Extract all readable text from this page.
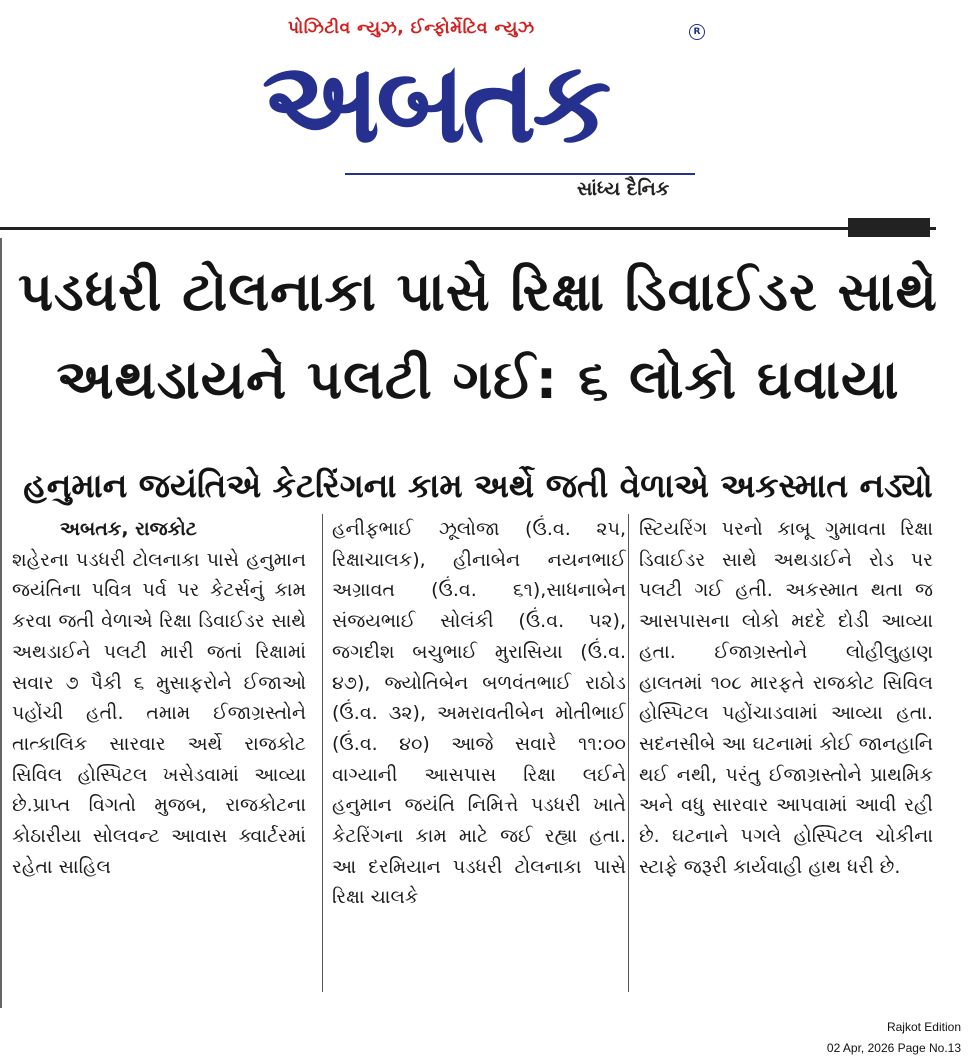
પોઝિટીવ ન્યુઝ, ઈન્ફોર્મેટિવ ન્યુઝ
અબતક
R
સાંધ્ય દૈનિક
પડધરી ટોલનાકા પાસે રિક્ષા ડિવાઈડર સાથે
અથડાયને પલટી ગઈ: ૬ લોકો ઘવાયા
હનુમાન જયંતિએ કેટરિંગના કામ અર્થે જતી વેળાએ અકસ્માત નડ્યો
અબતક, રાજકોટ
શહેરના પડધરી ટોલનાકા પાસે હનુમાન જયંતિના પવિત્ર પર્વ પર કેટર્સનું કામ કરવા જતી વેળાએ રિક્ષા ડિવાઈડર સાથે અથડાઈને પલટી મારી જતાં રિક્ષામાં સવાર ૭ પૈકી ૬ મુસાફરોને ઈજાઓ પહોંચી હતી. તમામ ઈજાગ્રસ્તોને તાત્કાલિક સારવાર અર્થે રાજકોટ સિવિલ હોસ્પિટલ ખસેડવામાં આવ્યા છે.પ્રાપ્ત વિગતો મુજબ, રાજકોટના કોઠારીયા સોલવન્ટ આવાસ ક્વાર્ટરમાં રહેતા સાહિલ
હનીફભાઈ ઝૂલોજા (ઉં.વ. ૨૫, રિક્ષાચાલક), હીનાબેન નયનભાઈ અગ્રાવત (ઉં.વ. ૬૧),સાધનાબેન સંજયભાઈ સોલંકી (ઉં.વ. ૫૨), જગદીશ બચુભાઈ મુરાસિયા (ઉં.વ. ૪૭), જ્યોતિબેન બળવંતભાઈ રાઠોડ (ઉં.વ. ૩૨), અમરાવતીબેન મોતીભાઈ (ઉં.વ. ૪૦) આજે સવારે ૧૧:૦૦ વાગ્યાની આસપાસ રિક્ષા લઈને હનુમાન જયંતિ નિમિત્તે પડધરી ખાતે કેટરિંગના કામ માટે જઈ રહ્યા હતા. આ દરમિયાન પડધરી ટોલનાકા પાસે રિક્ષા ચાલકે
સ્ટિયરિંગ પરનો કાબૂ ગુમાવતા રિક્ષા ડિવાઈડર સાથે અથડાઈને રોડ પર પલટી ગઈ હતી. અકસ્માત થતા જ આસપાસના લોકો મદદે દોડી આવ્યા હતા. ઈજાગ્રસ્તોને લોહીલુહાણ હાલતમાં ૧૦૮ મારફતે રાજકોટ સિવિલ હોસ્પિટલ પહોંચાડવામાં આવ્યા હતા. સદનસીબે આ ઘટનામાં કોઈ જાનહાનિ થઈ નથી, પરંતુ ઈજાગ્રસ્તોને પ્રાથમિક અને વધુ સારવાર આપવામાં આવી રહી છે. ઘટનાને પગલે હોસ્પિટલ ચોકીના સ્ટાફે જરૂરી કાર્યવાહી હાથ ધરી છે.
Rajkot Edition
02 Apr, 2026 Page No.13
